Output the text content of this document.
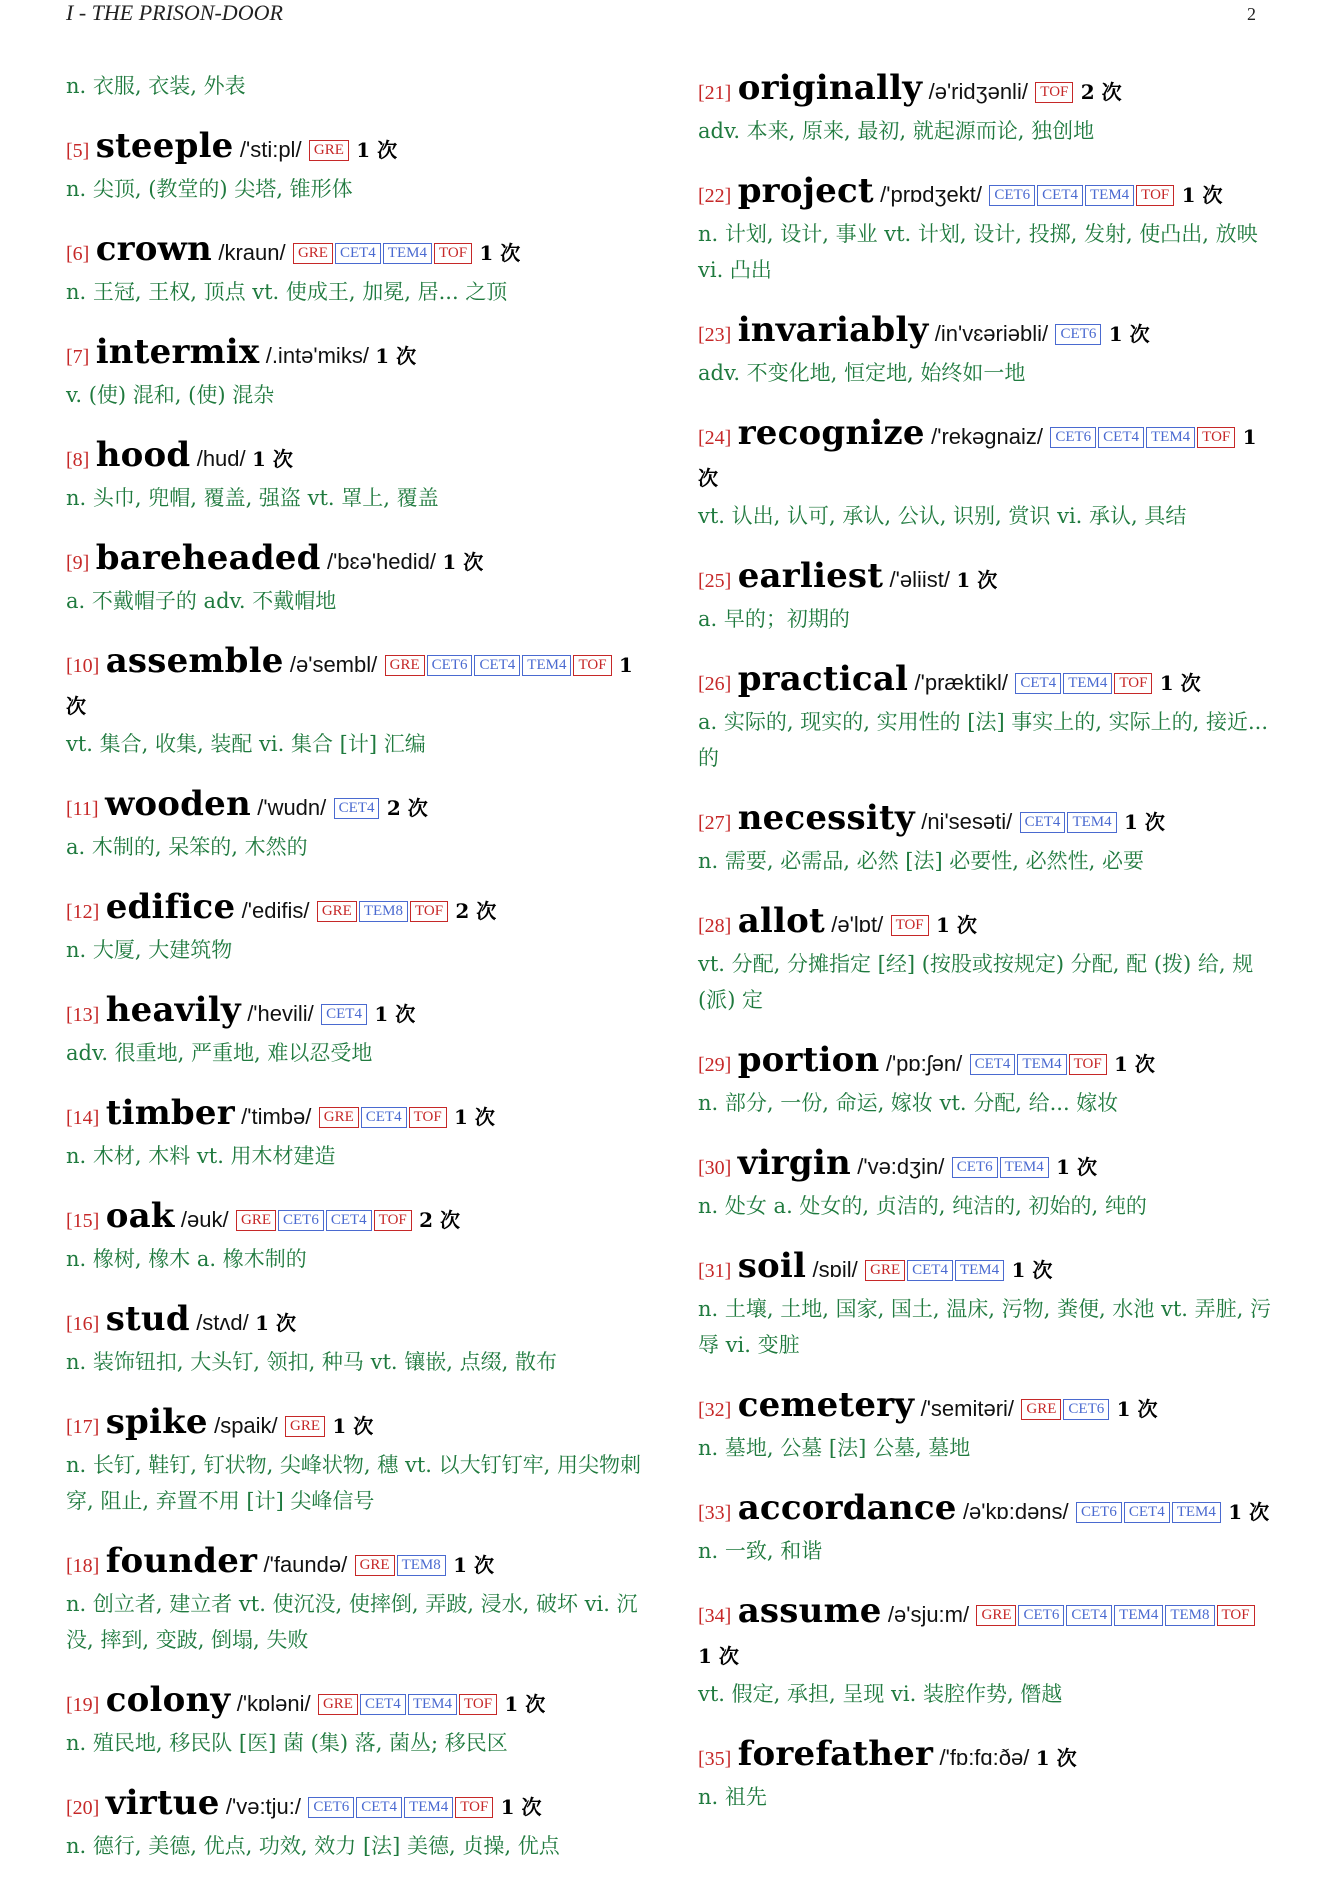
I - THE PRISON-DOOR	2
n. 衣服, 衣装, 外表
[5] steeple /'sti:pl/ GRE 1 次
n. 尖顶, (教堂的) 尖塔, 锥形体
[6] crown /kraun/ GRE CET4 TEM4 TOF 1 次
n. 王冠, 王权, 顶点 vt. 使成王, 加冕, 居... 之顶
[7] intermix /.intə'miks/ 1 次
v. (使) 混和, (使) 混杂
[8] hood /hud/ 1 次
n. 头巾, 兜帽, 覆盖, 强盗 vt. 罩上, 覆盖
[9] bareheaded /'bɛə'hedid/ 1 次
a. 不戴帽子的 adv. 不戴帽地
[10] assemble /ə'sembl/ GRE CET6 CET4 TEM4 TOF 1 次
vt. 集合, 收集, 装配 vi. 集合 [计] 汇编
[11] wooden /'wudn/ CET4 2 次
a. 木制的, 呆笨的, 木然的
[12] edifice /'edifis/ GRE TEM8 TOF 2 次
n. 大厦, 大建筑物
[13] heavily /'hevili/ CET4 1 次
adv. 很重地, 严重地, 难以忍受地
[14] timber /'timbə/ GRE CET4 TOF 1 次
n. 木材, 木料 vt. 用木材建造
[15] oak /əuk/ GRE CET6 CET4 TOF 2 次
n. 橡树, 橡木 a. 橡木制的
[16] stud /stʌd/ 1 次
n. 装饰钮扣, 大头钉, 领扣, 种马 vt. 镶嵌, 点缀, 散布
[17] spike /spaik/ GRE 1 次
n. 长钉, 鞋钉, 钉状物, 尖峰状物, 穗 vt. 以大钉钉牢, 用尖物刺穿, 阻止, 弃置不用 [计] 尖峰信号
[18] founder /'faundə/ GRE TEM8 1 次
n. 创立者, 建立者 vt. 使沉没, 使摔倒, 弄跛, 浸水, 破坏 vi. 沉没, 摔到, 变跛, 倒塌, 失败
[19] colony /'kɒləni/ GRE CET4 TEM4 TOF 1 次
n. 殖民地, 移民队 [医] 菌 (集) 落, 菌丛; 移民区
[20] virtue /'və:tju:/ CET6 CET4 TEM4 TOF 1 次
n. 德行, 美德, 优点, 功效, 效力 [法] 美德, 贞操, 优点
[21] originally /ə'ridʒənli/ TOF 2 次
adv. 本来, 原来, 最初, 就起源而论, 独创地
[22] project /'prɒdʒekt/ CET6 CET4 TEM4 TOF 1 次
n. 计划, 设计, 事业 vt. 计划, 设计, 投掷, 发射, 使凸出, 放映 vi. 凸出
[23] invariably /in'vɛəriəbli/ CET6 1 次
adv. 不变化地, 恒定地, 始终如一地
[24] recognize /'rekəgnaiz/ CET6 CET4 TEM4 TOF 1 次
vt. 认出, 认可, 承认, 公认, 识别, 赏识 vi. 承认, 具结
[25] earliest /'əliist/ 1 次
a. 早的；初期的
[26] practical /'præktikl/ CET4 TEM4 TOF 1 次
a. 实际的, 现实的, 实用性的 [法] 事实上的, 实际上的, 接近... 的
[27] necessity /ni'sesəti/ CET4 TEM4 1 次
n. 需要, 必需品, 必然 [法] 必要性, 必然性, 必要
[28] allot /ə'lɒt/ TOF 1 次
vt. 分配, 分摊指定 [经] (按股或按规定) 分配, 配 (拨) 给, 规 (派) 定
[29] portion /'pɒ:ʃən/ CET4 TEM4 TOF 1 次
n. 部分, 一份, 命运, 嫁妆 vt. 分配, 给... 嫁妆
[30] virgin /'və:dʒin/ CET6 TEM4 1 次
n. 处女 a. 处女的, 贞洁的, 纯洁的, 初始的, 纯的
[31] soil /sɒil/ GRE CET4 TEM4 1 次
n. 土壤, 土地, 国家, 国土, 温床, 污物, 粪便, 水池 vt. 弄脏, 污辱 vi. 变脏
[32] cemetery /'semitəri/ GRE CET6 1 次
n. 墓地, 公墓 [法] 公墓, 墓地
[33] accordance /ə'kɒ:dəns/ CET6 CET4 TEM4 1 次
n. 一致, 和谐
[34] assume /ə'sju:m/ GRE CET6 CET4 TEM4 TEM8 TOF 1 次
vt. 假定, 承担, 呈现 vi. 装腔作势, 僭越
[35] forefather /'fɒ:fɑ:ðə/ 1 次
n. 祖先
